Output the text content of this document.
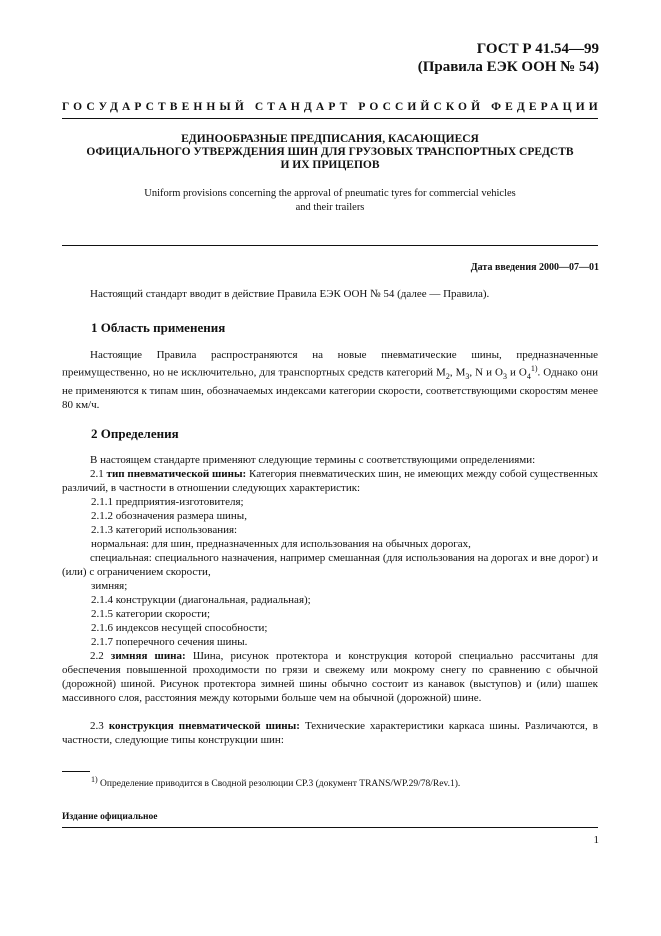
ГОСТ Р 41.54—99
(Правила ЕЭК ООН № 54)
ГОСУДАРСТВЕННЫЙ СТАНДАРТ РОССИЙСКОЙ ФЕДЕРАЦИИ
ЕДИНООБРАЗНЫЕ ПРЕДПИСАНИЯ, КАСАЮЩИЕСЯ
ОФИЦИАЛЬНОГО УТВЕРЖДЕНИЯ ШИН ДЛЯ ГРУЗОВЫХ ТРАНСПОРТНЫХ СРЕДСТВ
И ИХ ПРИЦЕПОВ
Uniform provisions concerning the approval of pneumatic tyres for commercial vehicles
and their trailers
Дата введения 2000—07—01
Настоящий стандарт вводит в действие Правила ЕЭК ООН № 54 (далее — Правила).
1 Область применения
Настоящие Правила распространяются на новые пневматические шины, предназначенные преимущественно, но не исключительно, для транспортных средств категорий $M_2$, $M_3$, N и $O_3$ и $O_4^{1)}$. Однако они не применяются к типам шин, обозначаемых индексами категории скорости, соответствующими скоростям менее 80 км/ч.
2 Определения
В настоящем стандарте применяют следующие термины с соответствующими определениями:
2.1 тип пневматической шины: Категория пневматических шин, не имеющих между собой существенных различий, в частности в отношении следующих характеристик:
2.1.1 предприятия-изготовителя;
2.1.2 обозначения размера шины,
2.1.3 категорий использования:
нормальная: для шин, предназначенных для использования на обычных дорогах,
специальная: специального назначения, например смешанная (для использования на дорогах и вне дорог) и (или) с ограничением скорости,
зимняя;
2.1.4 конструкции (диагональная, радиальная);
2.1.5 категории скорости;
2.1.6 индексов несущей способности;
2.1.7 поперечного сечения шины.
2.2 зимняя шина: Шина, рисунок протектора и конструкция которой специально рассчитаны для обеспечения повышенной проходимости по грязи и свежему или мокрому снегу по сравнению с обычной (дорожной) шиной. Рисунок протектора зимней шины обычно состоит из канавок (выступов) и (или) шашек массивного слоя, расстояния между которыми больше чем на обычной (дорожной) шине.
2.3 конструкция пневматической шины: Технические характеристики каркаса шины. Различаются, в частности, следующие типы конструкции шин:
$^{1)}$ Определение приводится в Сводной резолюции СР.3 (документ TRANS/WP.29/78/Rev.1).
Издание официальное
1
